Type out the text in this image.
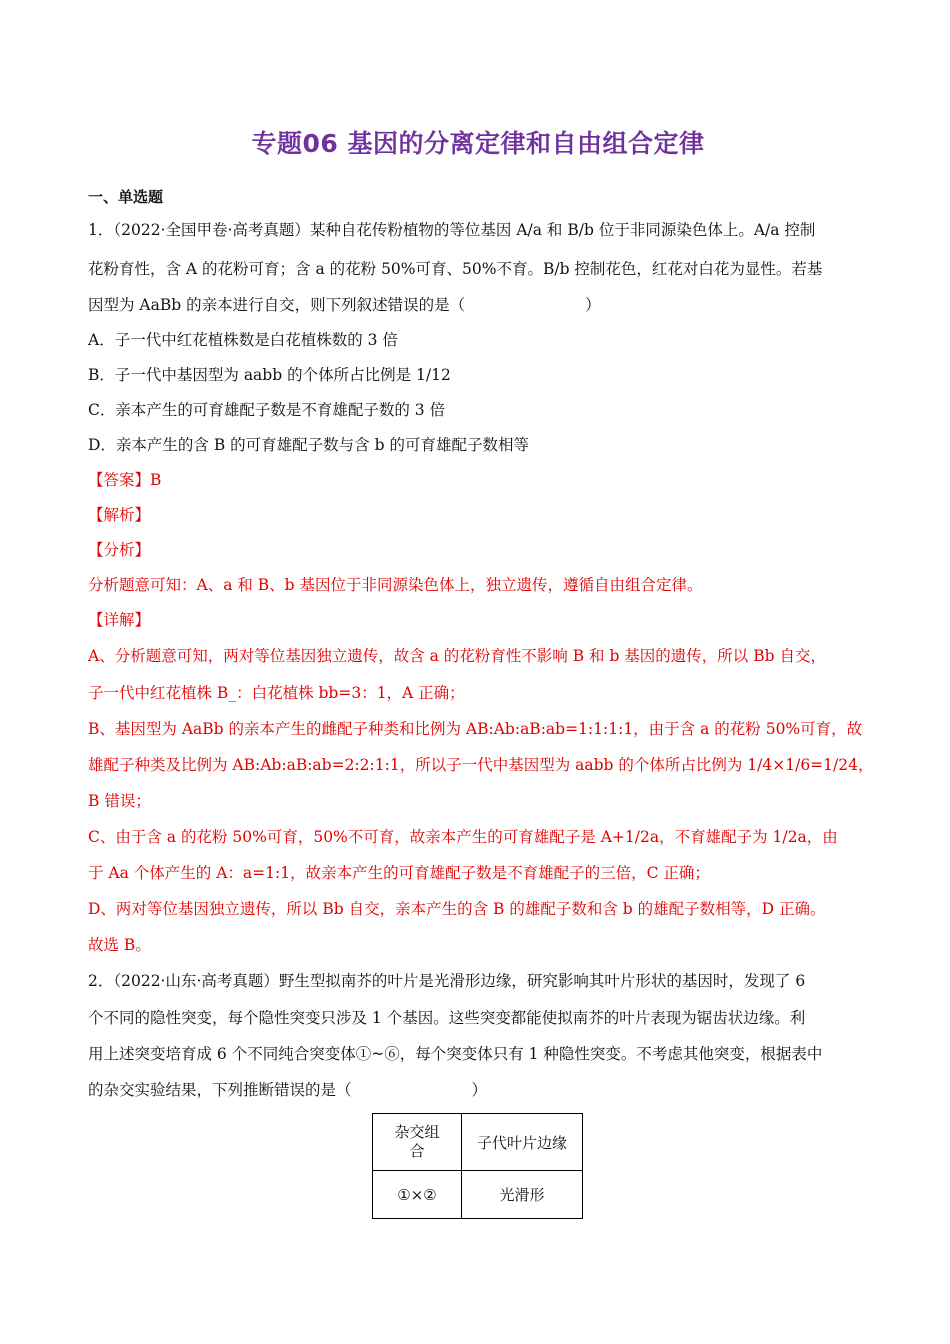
专题06 基因的分离定律和自由组合定律
一、单选题
1．（2022·全国甲卷·高考真题）某种自花传粉植物的等位基因 A/a 和 B/b 位于非同源染色体上。A/a 控制
花粉育性，含 A 的花粉可育；含 a 的花粉 50%可育、50%不育。B/b 控制花色，红花对白花为显性。若基
因型为 AaBb 的亲本进行自交，则下列叙述错误的是（	）
A．子一代中红花植株数是白花植株数的 3 倍
B．子一代中基因型为 aabb 的个体所占比例是 1/12
C．亲本产生的可育雄配子数是不育雄配子数的 3 倍
D．亲本产生的含 B 的可育雄配子数与含 b 的可育雄配子数相等
【答案】B
【解析】
【分析】
分析题意可知：A、a 和 B、b 基因位于非同源染色体上，独立遗传，遵循自由组合定律。
【详解】
A、分析题意可知，两对等位基因独立遗传，故含 a 的花粉育性不影响 B 和 b 基因的遗传，所以 Bb 自交，
子一代中红花植株 B_：白花植株 bb=3：1，A 正确；
B、基因型为 AaBb 的亲本产生的雌配子种类和比例为 AB:Ab:aB:ab=1:1:1:1，由于含 a 的花粉 50%可育，故
雄配子种类及比例为 AB:Ab:aB:ab=2:2:1:1，所以子一代中基因型为 aabb 的个体所占比例为 1/4×1/6=1/24，
B 错误；
C、由于含 a 的花粉 50%可育，50%不可育，故亲本产生的可育雄配子是 A+1/2a，不育雄配子为 1/2a，由
于 Aa 个体产生的 A：a=1:1，故亲本产生的可育雄配子数是不育雄配子的三倍，C 正确；
D、两对等位基因独立遗传，所以 Bb 自交，亲本产生的含 B 的雄配子数和含 b 的雄配子数相等，D 正确。
故选 B。
2．（2022·山东·高考真题）野生型拟南芥的叶片是光滑形边缘，研究影响其叶片形状的基因时，发现了 6
个不同的隐性突变，每个隐性突变只涉及 1 个基因。这些突变都能使拟南芥的叶片表现为锯齿状边缘。利
用上述突变培育成 6 个不同纯合突变体①~⑥，每个突变体只有 1 种隐性突变。不考虑其他突变，根据表中
的杂交实验结果，下列推断错误的是（	）
杂交组合	子代叶片边缘
①×②	光滑形
